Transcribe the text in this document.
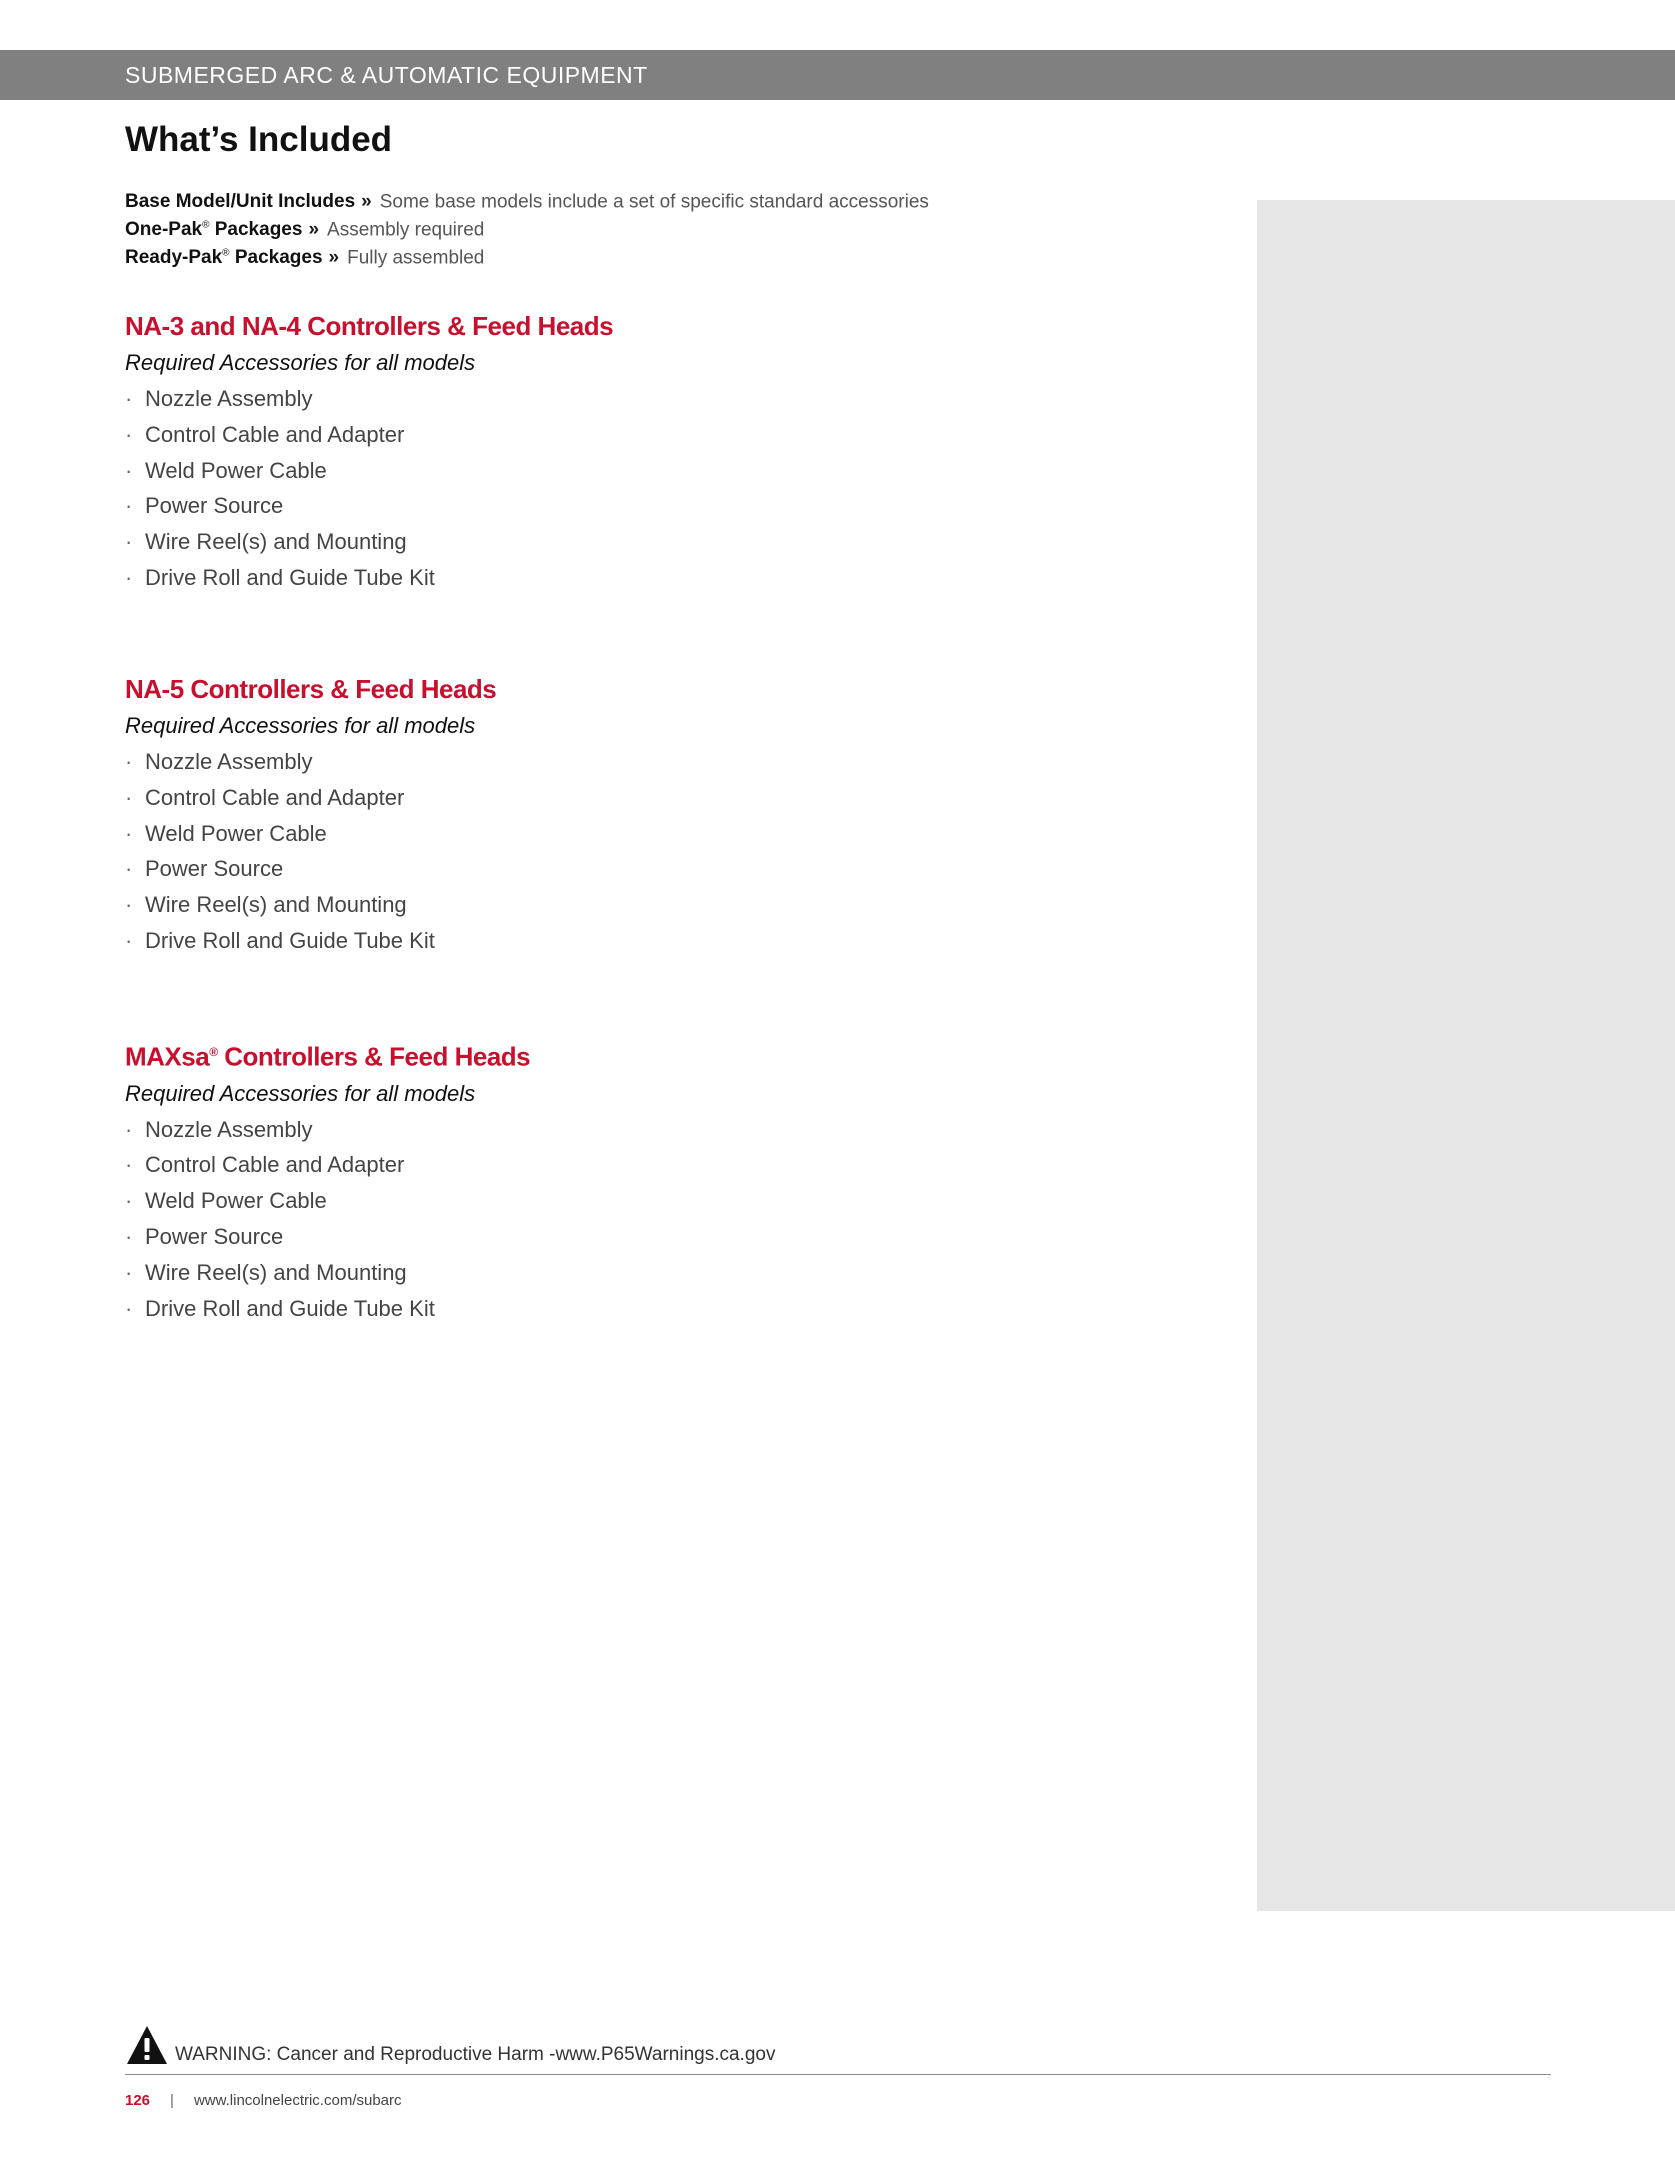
SUBMERGED ARC & AUTOMATIC EQUIPMENT
What’s Included
Base Model/Unit Includes » Some base models include a set of specific standard accessories
One-Pak® Packages » Assembly required
Ready-Pak® Packages » Fully assembled
NA-3 and NA-4 Controllers & Feed Heads
Required Accessories for all models
· Nozzle Assembly
· Control Cable and Adapter
· Weld Power Cable
· Power Source
· Wire Reel(s) and Mounting
· Drive Roll and Guide Tube Kit
NA-5 Controllers & Feed Heads
Required Accessories for all models
· Nozzle Assembly
· Control Cable and Adapter
· Weld Power Cable
· Power Source
· Wire Reel(s) and Mounting
· Drive Roll and Guide Tube Kit
MAXsa® Controllers & Feed Heads
Required Accessories for all models
· Nozzle Assembly
· Control Cable and Adapter
· Weld Power Cable
· Power Source
· Wire Reel(s) and Mounting
· Drive Roll and Guide Tube Kit
WARNING: Cancer and Reproductive Harm -www.P65Warnings.ca.gov
126 | www.lincolnelectric.com/subarc
